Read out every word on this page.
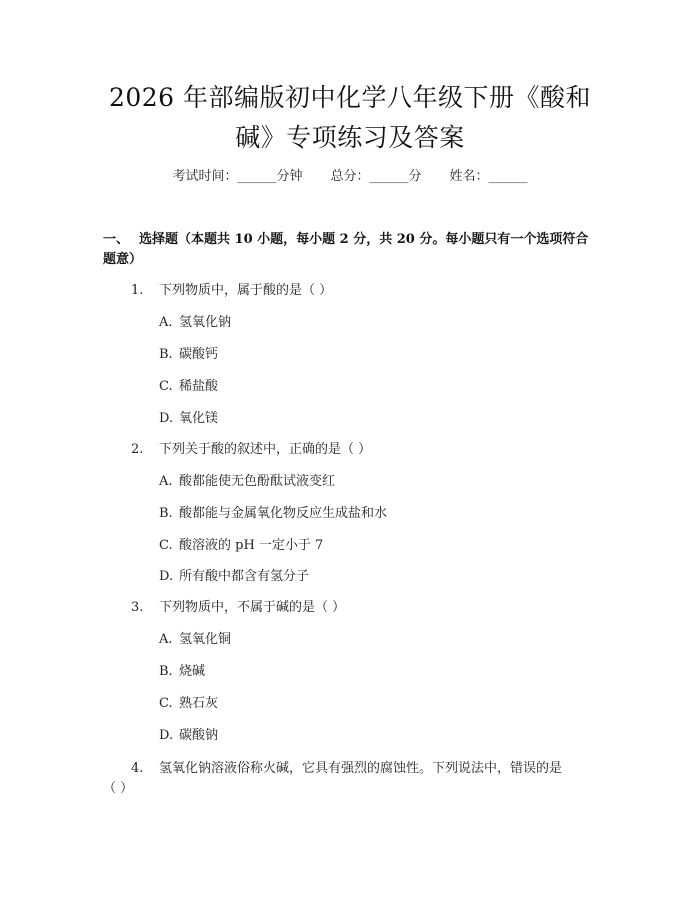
2026 年部编版初中化学八年级下册《酸和
碱》专项练习及答案
考试时间：______分钟 总分：______分 姓名：______
一、 选择题（本题共 10 小题，每小题 2 分，共 20 分。每小题只有一个选项符合
题意）
1. 下列物质中，属于酸的是（ ）
A. 氢氧化钠
B. 碳酸钙
C. 稀盐酸
D. 氧化镁
2. 下列关于酸的叙述中，正确的是（ ）
A. 酸都能使无色酚酞试液变红
B. 酸都能与金属氧化物反应生成盐和水
C. 酸溶液的 pH 一定小于 7
D. 所有酸中都含有氢分子
3. 下列物质中，不属于碱的是（ ）
A. 氢氧化铜
B. 烧碱
C. 熟石灰
D. 碳酸钠
4. 氢氧化钠溶液俗称火碱，它具有强烈的腐蚀性。下列说法中，错误的是
（ ）
